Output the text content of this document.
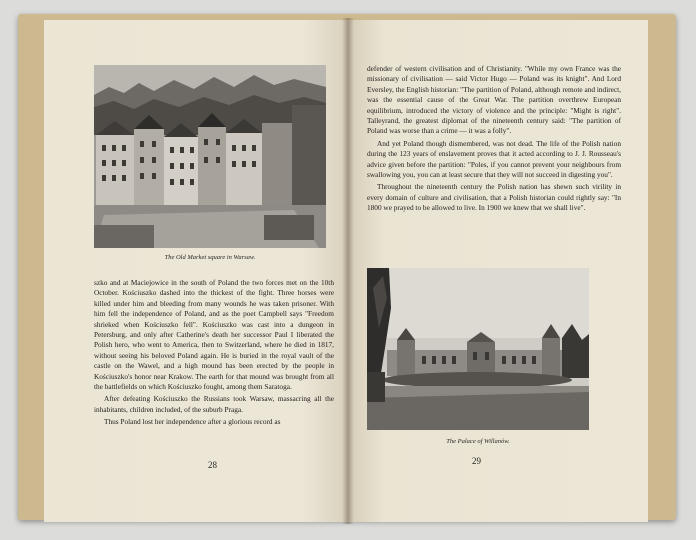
The Old Market square in Warsaw.

szko and at Maciejowice in the south of Poland the two forces met on the 10th October. Kościuszko dashed into the thickest of the fight. Three horses were killed under him and bleeding from many wounds he was taken prisoner. With him fell the independence of Poland, and as the poet Campbell says "Freedom shrieked when Kościuszko fell". Kościuszko was cast into a dungeon in Petersburg, and only after Catherine's death her successor Paul I liberated the Polish hero, who went to America, then to Switzerland, where he died in 1817, without seeing his beloved Poland again. He is buried in the royal vault of the castle on the Wawel, and a high mound has been erected by the people in Kościuszko's honor near Krakow. The earth for that mound was brought from all the battlefields on which Kościuszko fought, among them Saratoga.

After defeating Kościuszko the Russians took Warsaw, massacring all the inhabitants, children included, of the suburb Praga.

Thus Poland lost her independence after a glorious record as

28

defender of western civilisation and of Christianity. "While my own France was the missionary of civilisation — said Victor Hugo — Poland was its knight". And Lord Eversley, the English historian: "The partition of Poland, although remote and indirect, was the essential cause of the Great War. The partition overthrew European equilibrium, introduced the victory of violence and the principle: "Might is right". Talleyrand, the greatest diplomat of the nineteenth century said: "The partition of Poland was worse than a crime — it was a folly".

And yet Poland though dismembered, was not dead. The life of the Polish nation during the 123 years of enslavement proves that it acted according to J. J. Rousseau's advice given before the partition: "Poles, if you cannot prevent your neighbours from swallowing you, you can at least secure that they will not succeed in digesting you".

Throughout the nineteenth century the Polish nation has shewn such virility in every domain of culture and civilisation, that a Polish historian could rightly say: "In 1800 we prayed to be allowed to live. In 1900 we knew that we shall live".

The Palace of Willanów.
29
